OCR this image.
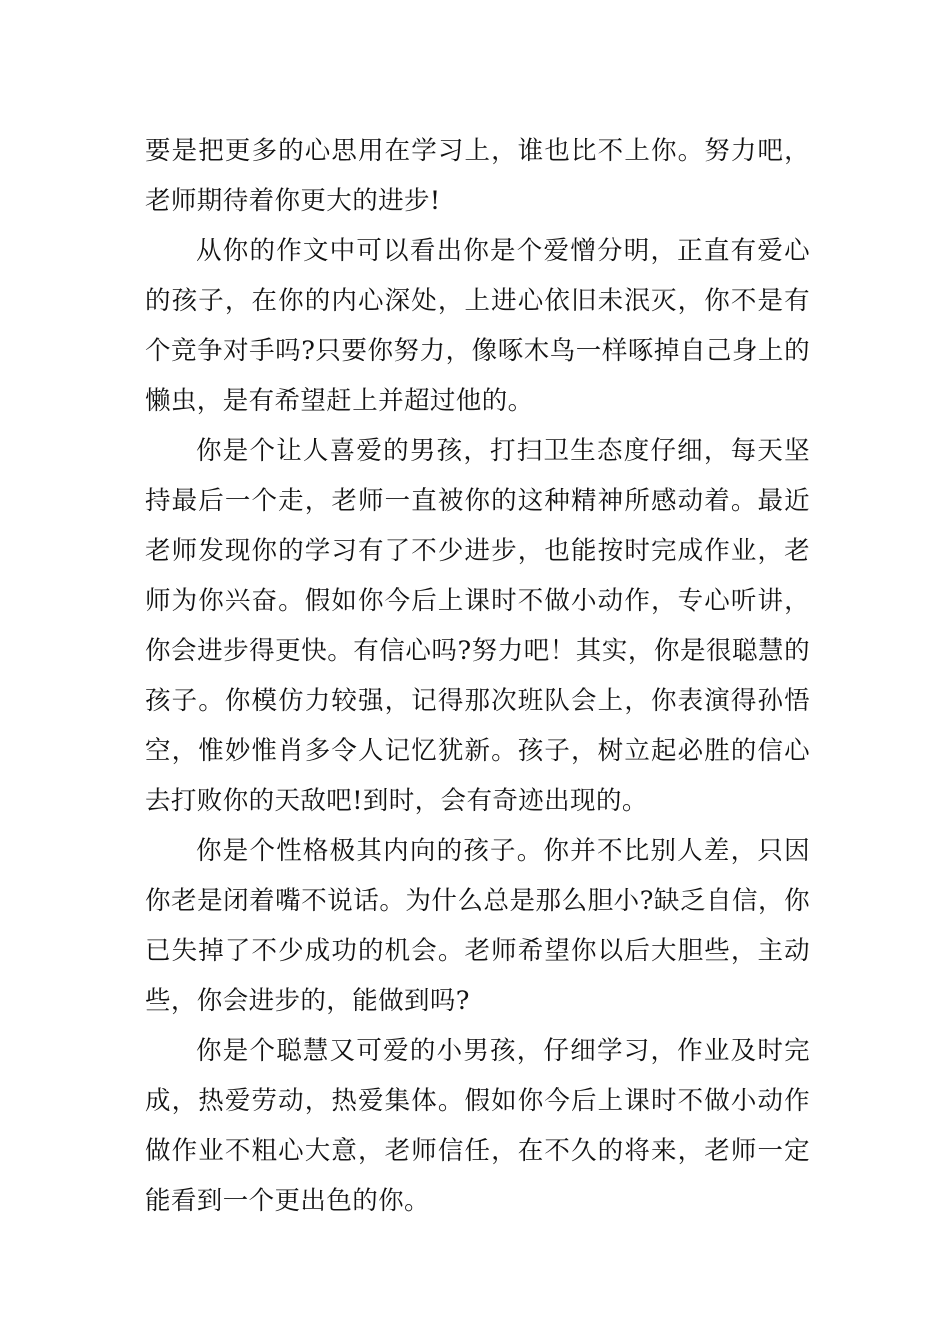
要是把更多的心思用在学习上，谁也比不上你。努力吧，老师期待着你更大的进步!

从你的作文中可以看出你是个爱憎分明，正直有爱心的孩子，在你的内心深处，上进心依旧未泯灭，你不是有个竞争对手吗?只要你努力，像啄木鸟一样啄掉自己身上的懒虫，是有希望赶上并超过他的。

你是个让人喜爱的男孩，打扫卫生态度仔细，每天坚持最后一个走，老师一直被你的这种精神所感动着。最近老师发现你的学习有了不少进步，也能按时完成作业，老师为你兴奋。假如你今后上课时不做小动作，专心听讲，你会进步得更快。有信心吗?努力吧！其实，你是很聪慧的孩子。你模仿力较强，记得那次班队会上，你表演得孙悟空，惟妙惟肖多令人记忆犹新。孩子，树立起必胜的信心去打败你的天敌吧!到时，会有奇迹出现的。

你是个性格极其内向的孩子。你并不比别人差，只因你老是闭着嘴不说话。为什么总是那么胆小?缺乏自信，你已失掉了不少成功的机会。老师希望你以后大胆些，主动些，你会进步的，能做到吗?

你是个聪慧又可爱的小男孩，仔细学习，作业及时完成，热爱劳动，热爱集体。假如你今后上课时不做小动作做作业不粗心大意，老师信任，在不久的将来，老师一定能看到一个更出色的你。
